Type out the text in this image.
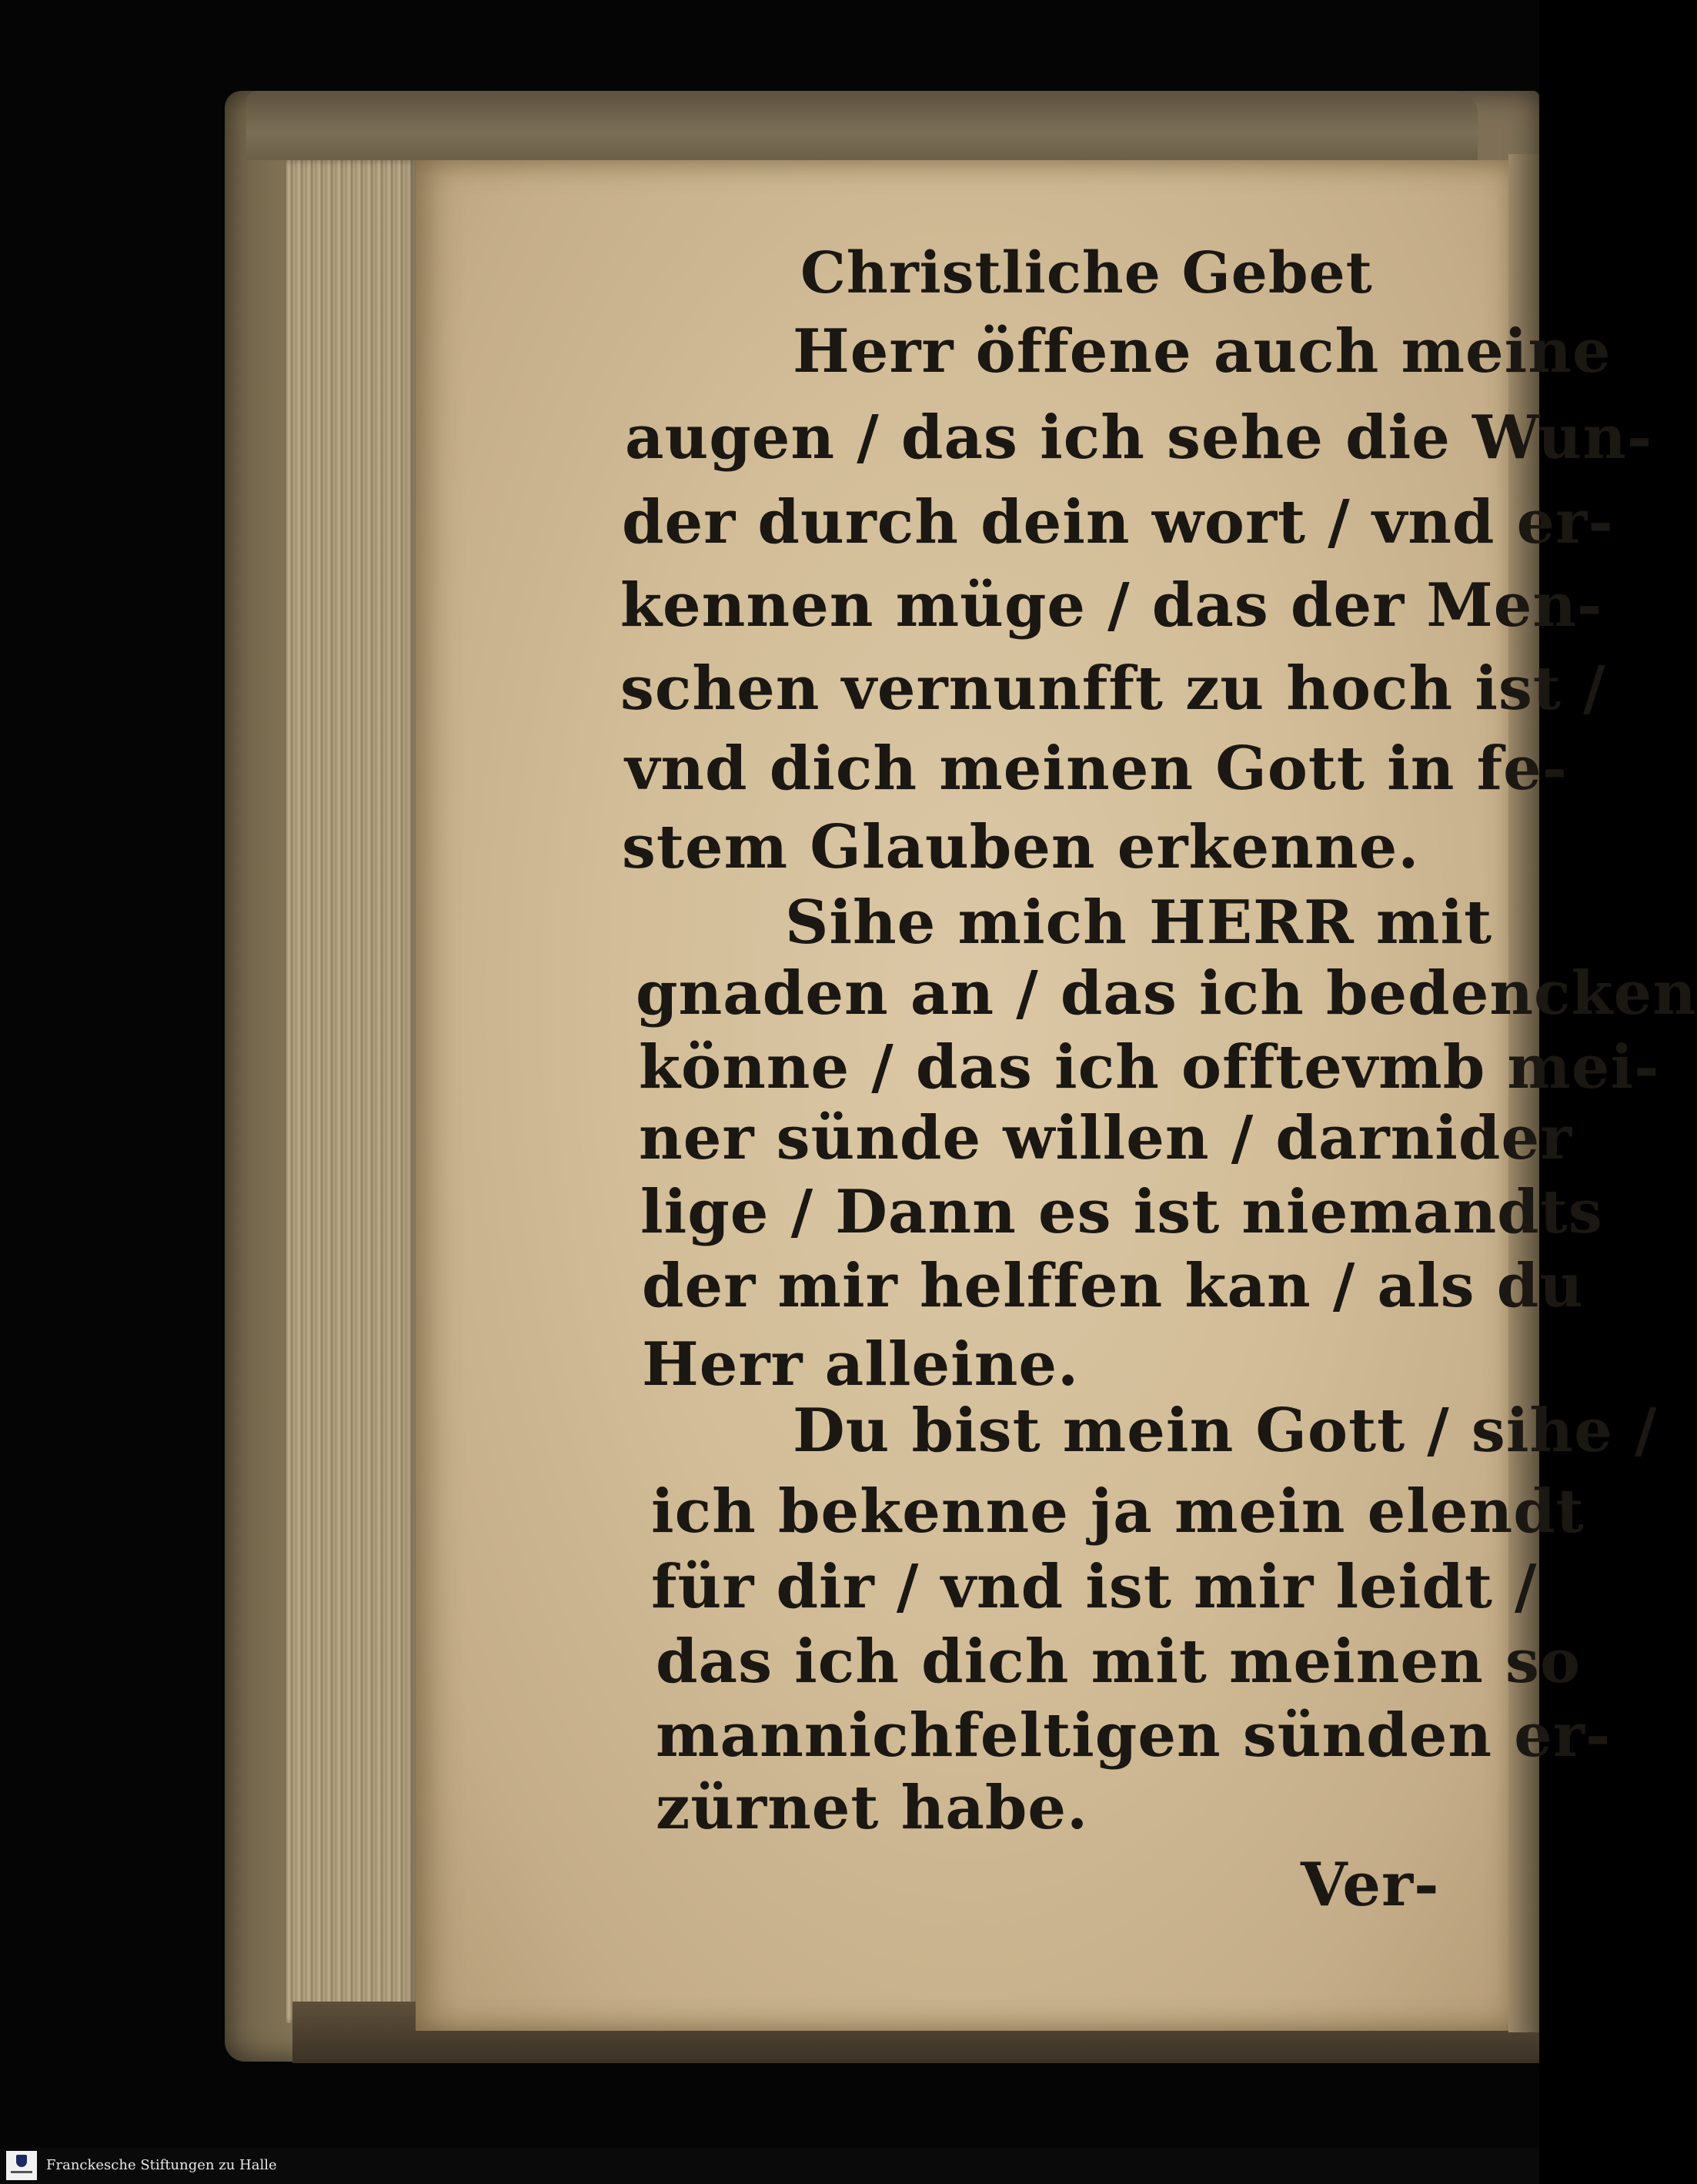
Christliche Gebet
Herr öffene auch meine
augen / das ich sehe die Wun-
der durch dein wort / vnd er-
kennen müge / das der Men-
schen vernunfft zu hoch ist /
vnd dich meinen Gott in fe-
stem Glauben erkenne.
Sihe mich HERR mit
gnaden an / das ich bedencken
könne / das ich offtevmb mei-
ner sünde willen / darnider
lige / Dann es ist niemandts
der mir helffen kan / als du
Herr alleine.
Du bist mein Gott / sihe /
ich bekenne ja mein elendt
für dir / vnd ist mir leidt /
das ich dich mit meinen so
mannichfeltigen sünden er-
zürnet habe.
Ver-
Franckesche Stiftungen zu Halle
